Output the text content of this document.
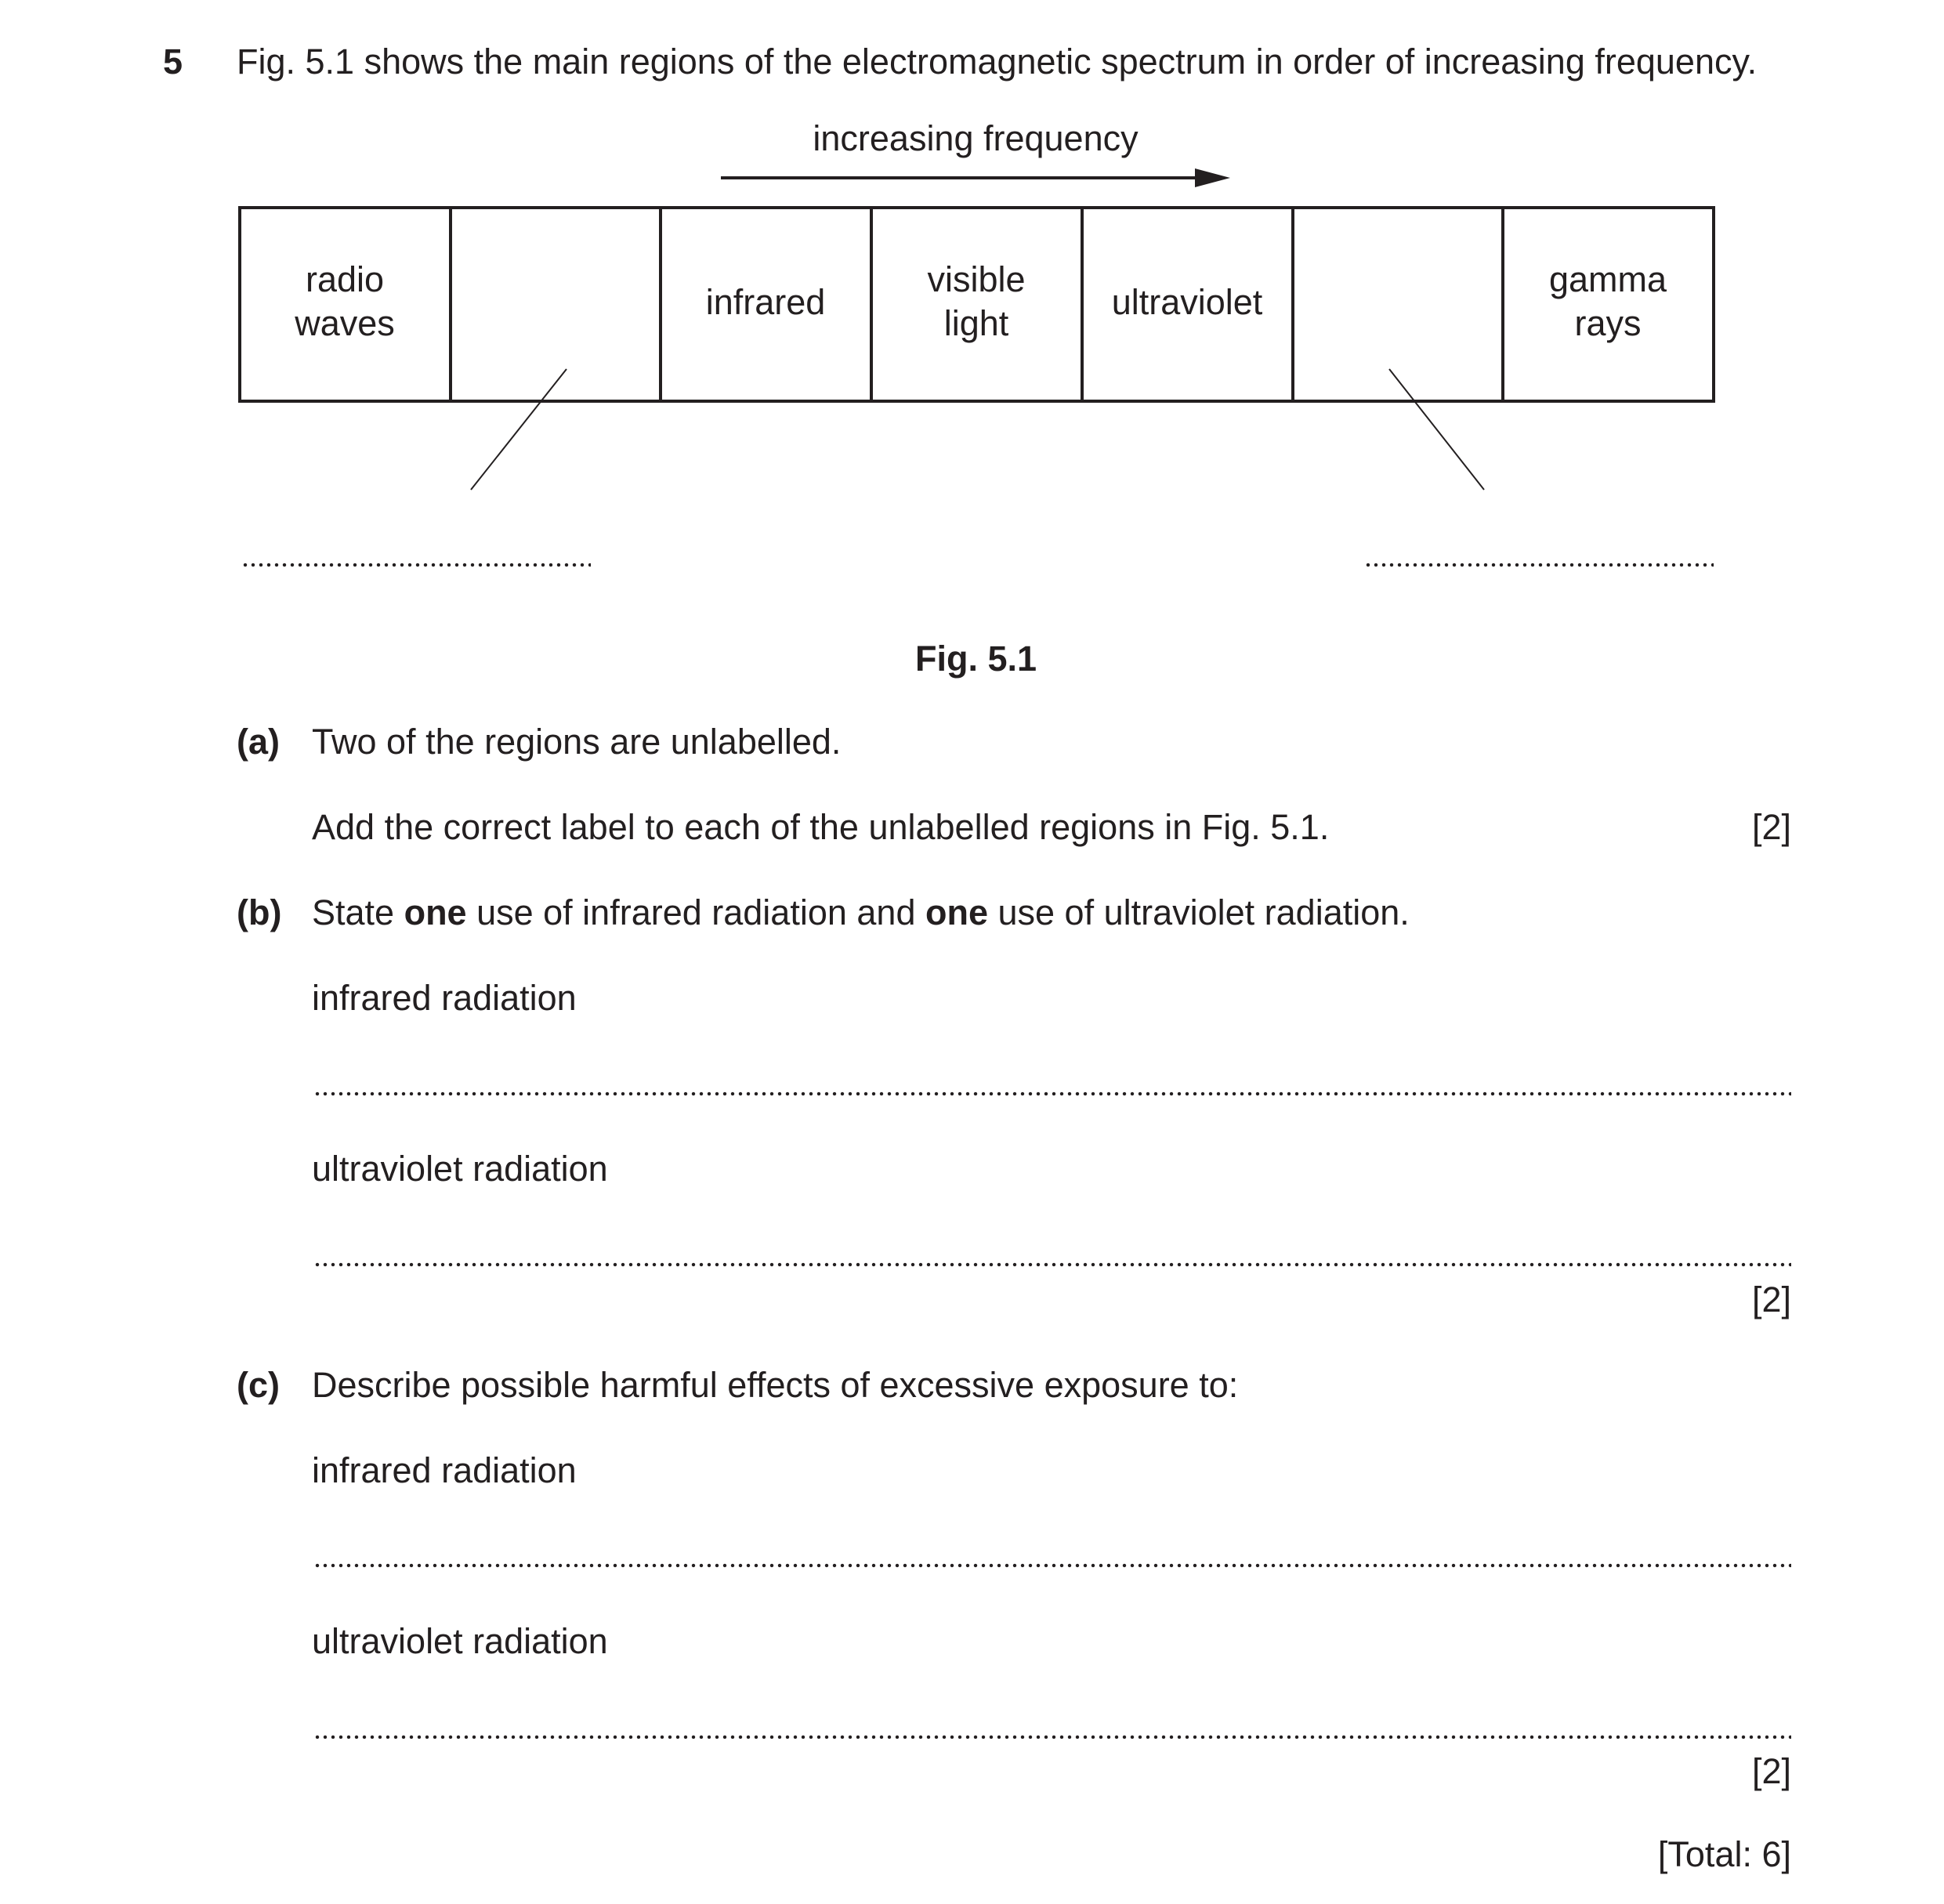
5 Fig. 5.1 shows the main regions of the electromagnetic spectrum in order of increasing frequency.
increasing frequency
radio
waves
infrared
visible
light
ultraviolet
gamma
rays
Fig. 5.1
(a) Two of the regions are unlabelled.
Add the correct label to each of the unlabelled regions in Fig. 5.1.	[2]
(b) State one use of infrared radiation and one use of ultraviolet radiation.
infrared radiation
ultraviolet radiation
[2]
(c) Describe possible harmful effects of excessive exposure to:
infrared radiation
ultraviolet radiation
[2]
[Total: 6]
